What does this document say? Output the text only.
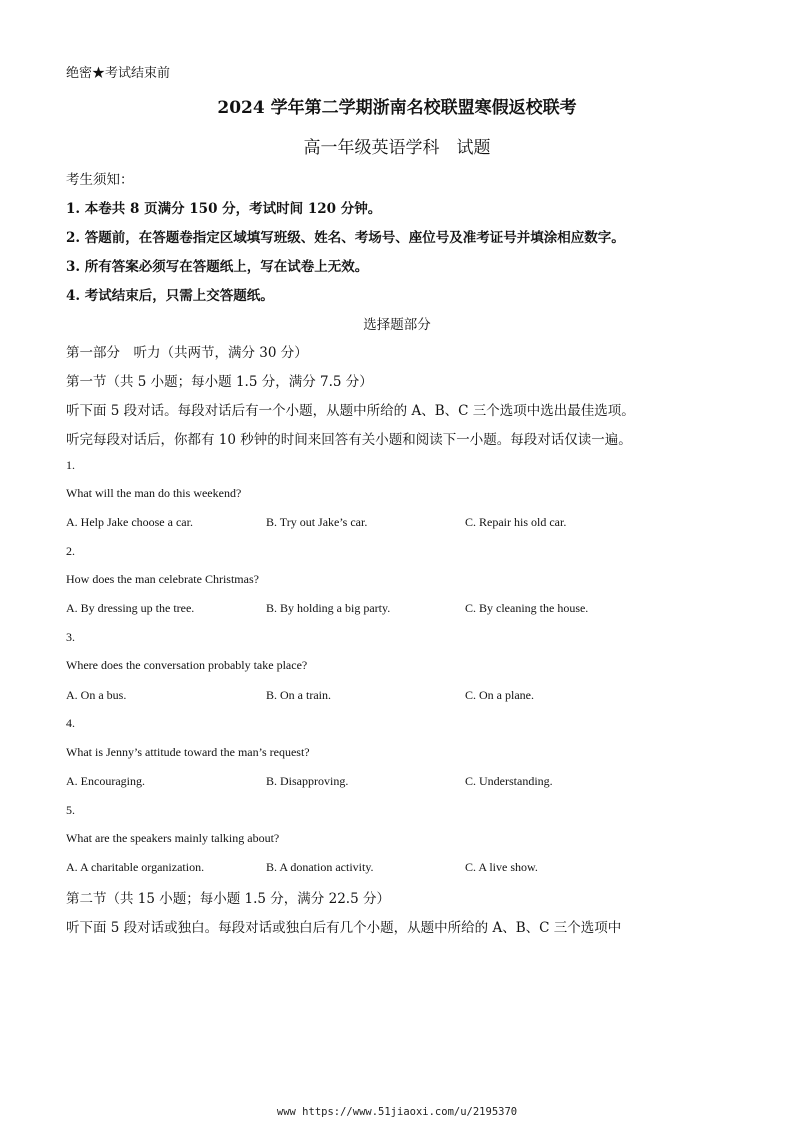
绝密★考试结束前
2024 学年第二学期浙南名校联盟寒假返校联考
高一年级英语学科　试题
考生须知：
1. 本卷共 8 页满分 150 分，考试时间 120 分钟。
2. 答题前，在答题卷指定区域填写班级、姓名、考场号、座位号及准考证号并填涂相应数字。
3. 所有答案必须写在答题纸上，写在试卷上无效。
4. 考试结束后，只需上交答题纸。
选择题部分
第一部分　听力（共两节，满分 30 分）
第一节（共 5 小题；每小题 1.5 分，满分 7.5 分）
听下面 5 段对话。每段对话后有一个小题，从题中所给的 A、B、C 三个选项中选出最佳选项。
听完每段对话后，你都有 10 秒钟的时间来回答有关小题和阅读下一小题。每段对话仅读一遍。
1.
What will the man do this weekend?
A. Help Jake choose a car.	B. Try out Jake’s car.	C. Repair his old car.
2.
How does the man celebrate Christmas?
A. By dressing up the tree.	B. By holding a big party.	C. By cleaning the house.
3.
Where does the conversation probably take place?
A. On a bus.	B. On a train.	C. On a plane.
4.
What is Jenny’s attitude toward the man’s request?
A. Encouraging.	B. Disapproving.	C. Understanding.
5.
What are the speakers mainly talking about?
A. A charitable organization.	B. A donation activity.	C. A live show.
第二节（共 15 小题；每小题 1.5 分，满分 22.5 分）
听下面 5 段对话或独白。每段对话或独白后有几个小题，从题中所给的 A、B、C 三个选项中
www https://www.51jiaoxi.com/u/2195370
